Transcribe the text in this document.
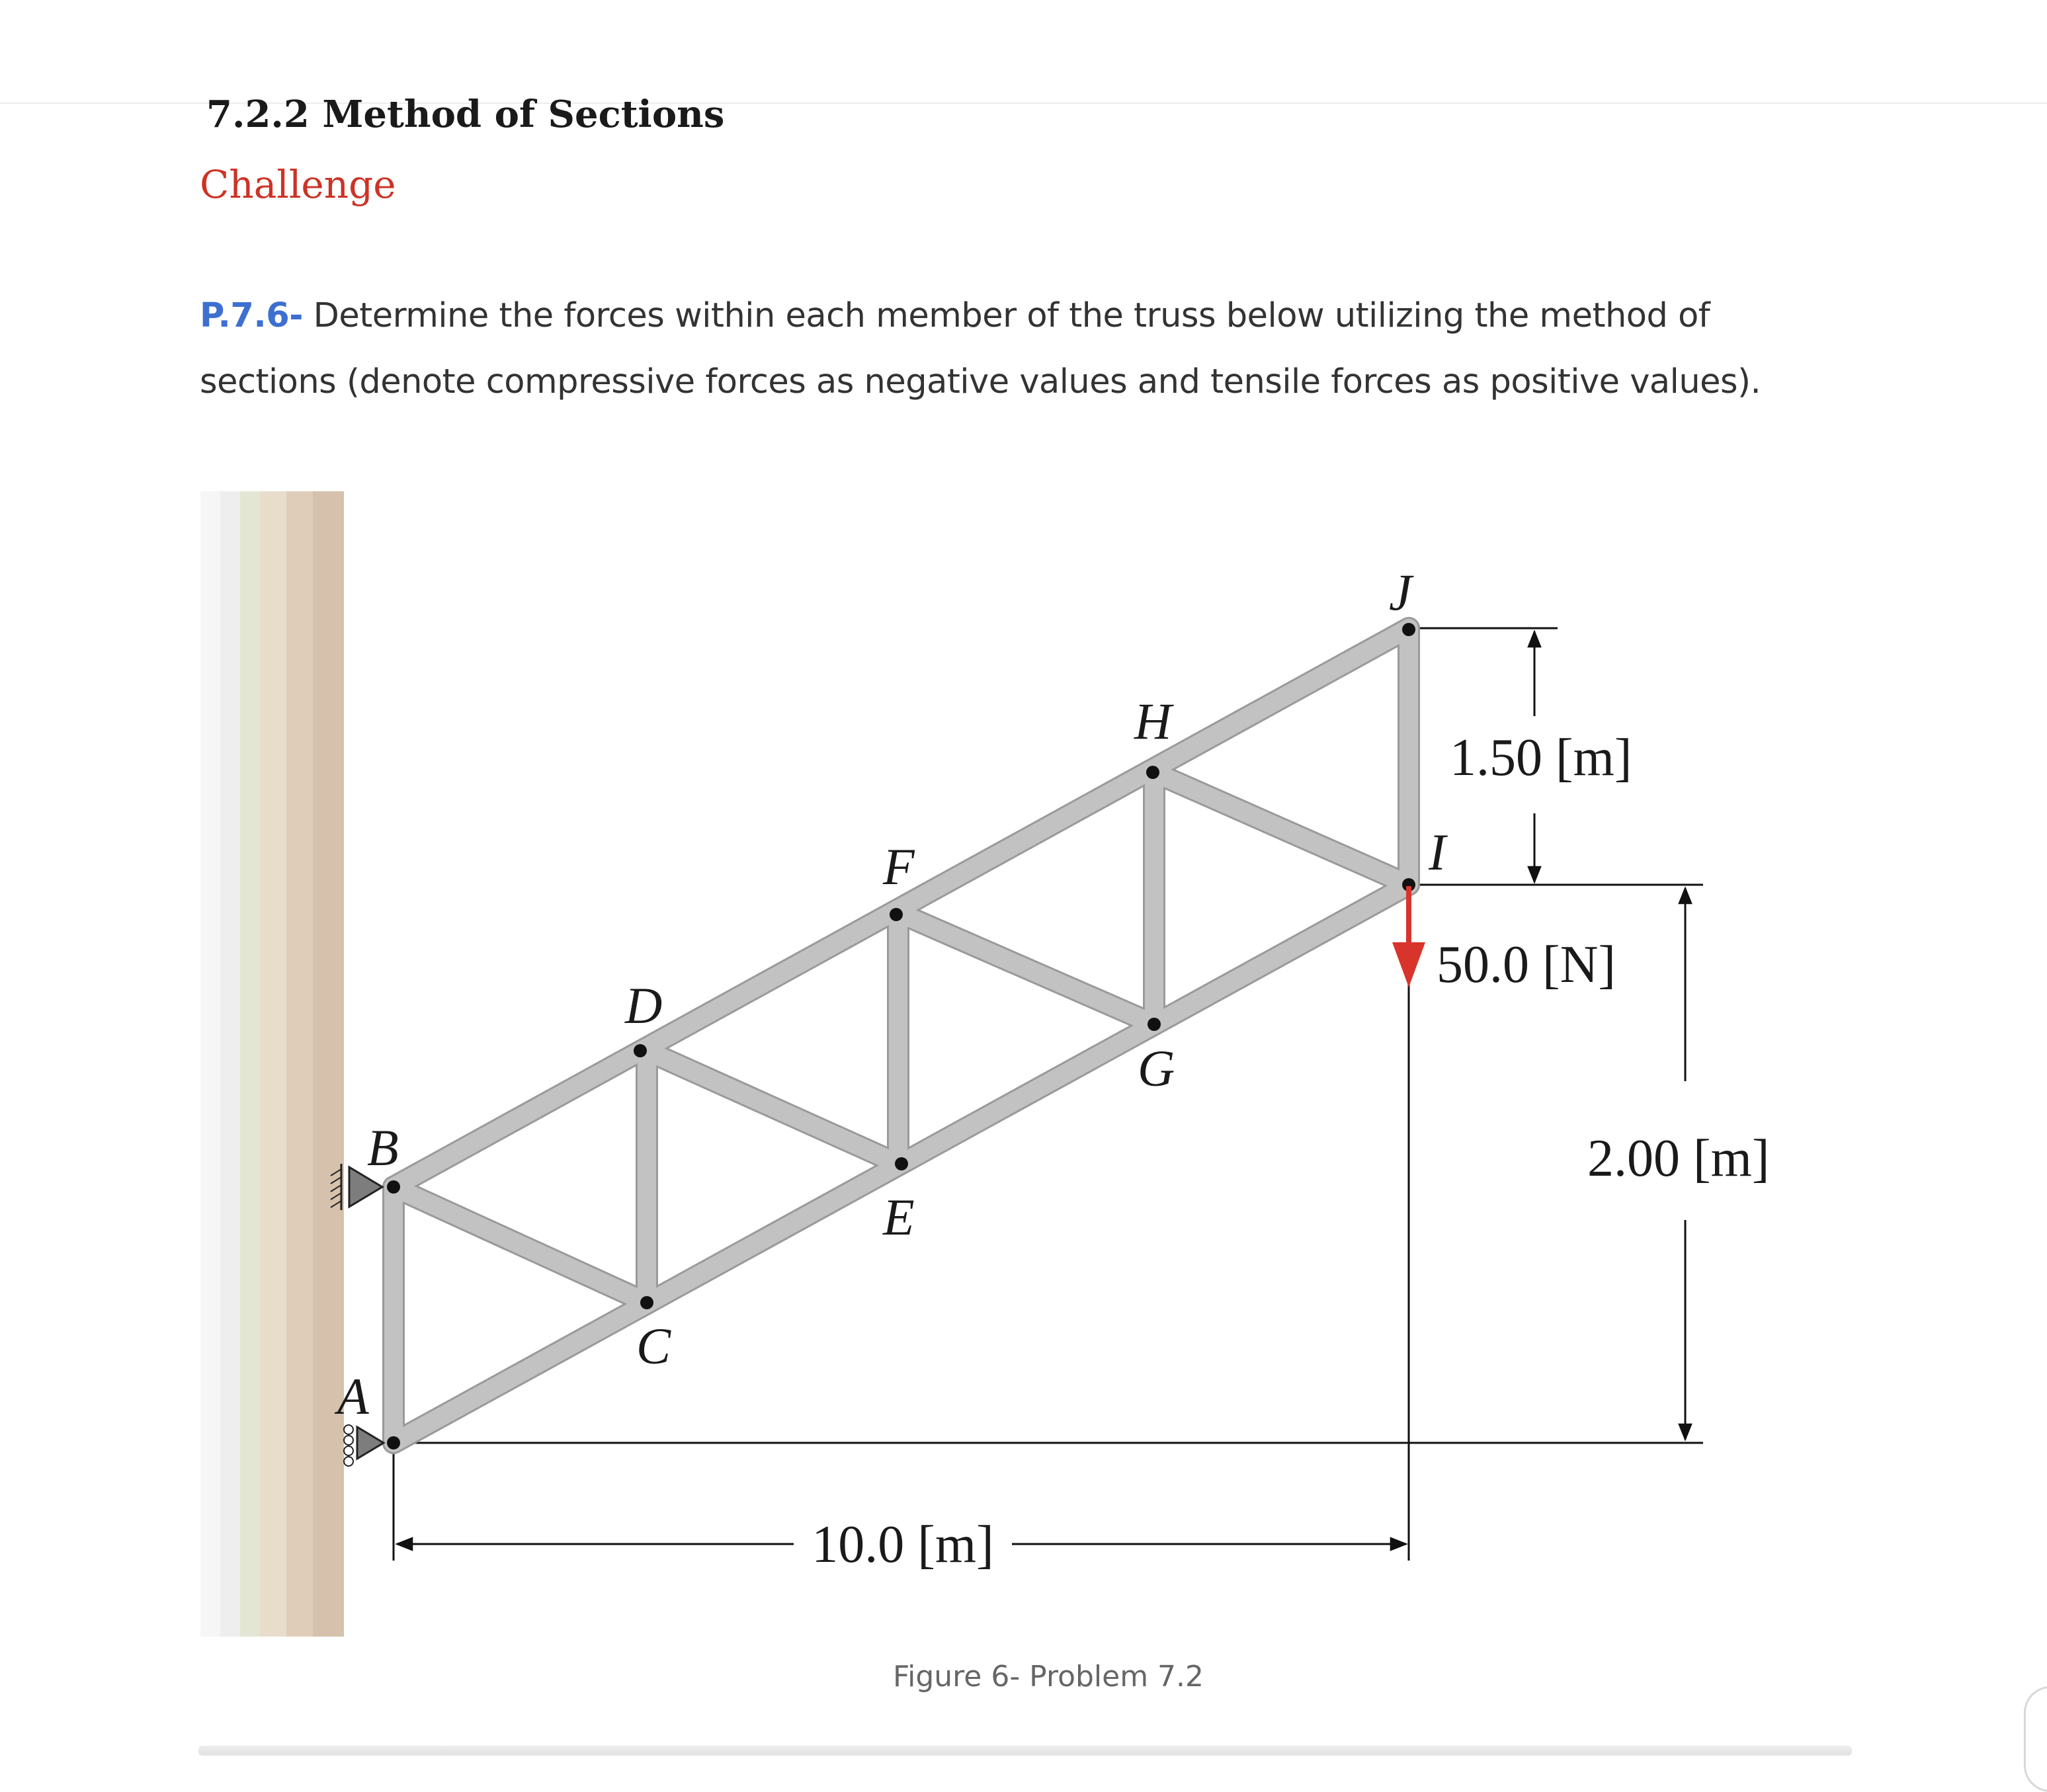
7.2.2 Method of Sections
Challenge

P.7.6- Determine the forces within each member of the truss below utilizing the method of sections (denote compressive forces as negative values and tensile forces as positive values).

A
B
C
D
E
F
G
H
I
J
10.0 [m]
1.50 [m]
2.00 [m]
50.0 [N]

Figure 6- Problem 7.2
